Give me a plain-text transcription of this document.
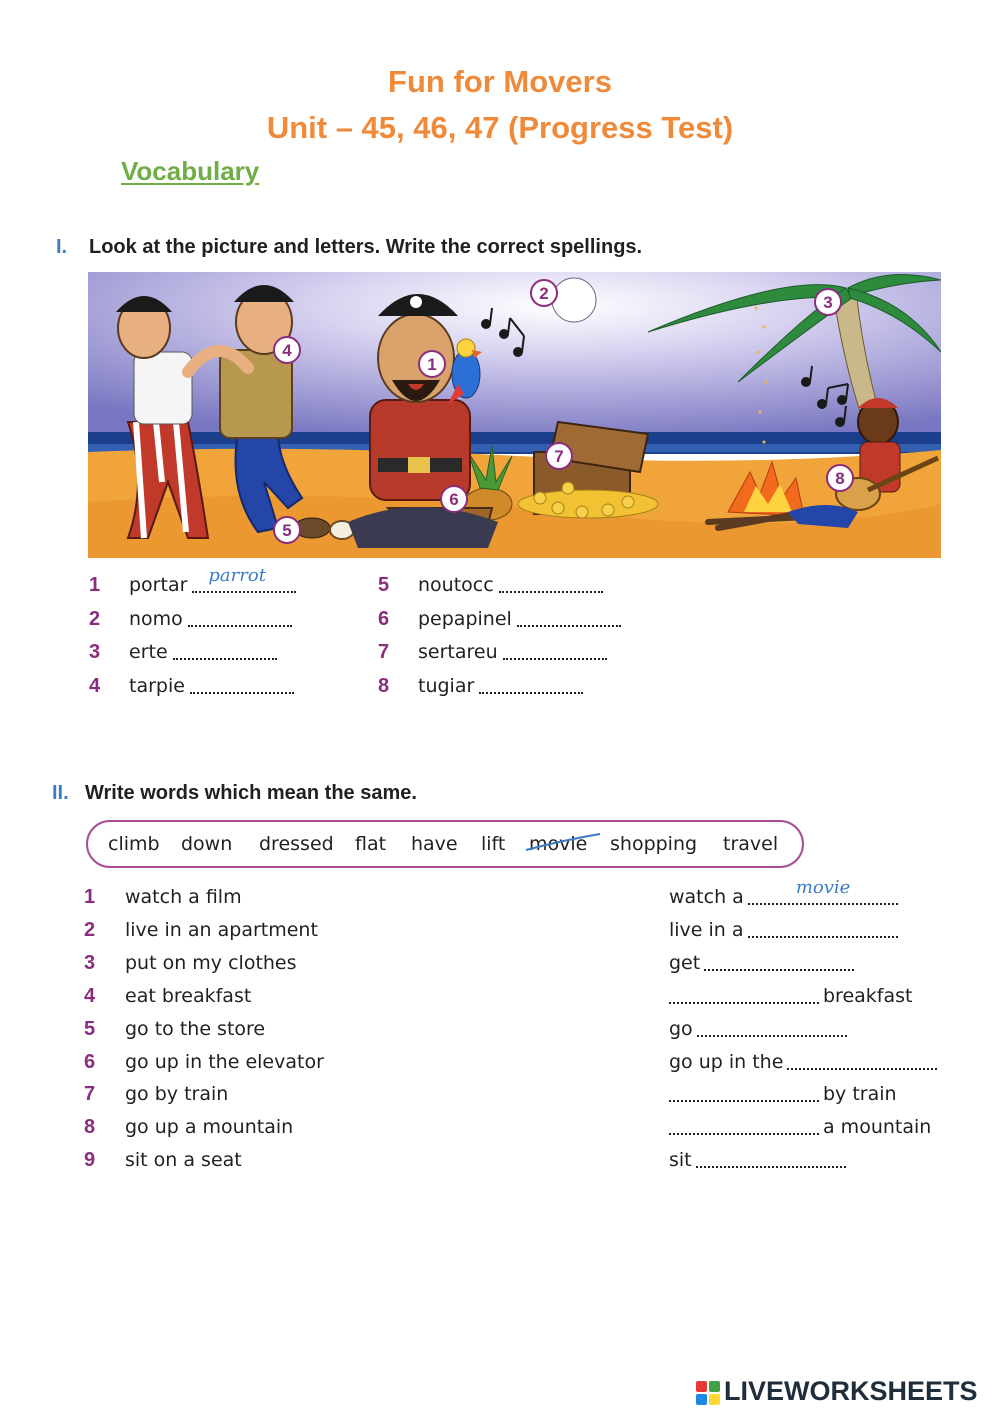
Fun for Movers
Unit – 45, 46, 47 (Progress Test)
Vocabulary
I. Look at the picture and letters. Write the correct spellings.
1
2	3
4
5
6
7
8
1	portar parrot
2	nomo
3	erte
4	tarpie
5	noutocc
6	pepapinel
7	sertareu
8	tugiar
II. Write words which mean the same.
climb down dressed flat have lift movie shopping travel
1 watch a film	watch a	movie
2 live in an apartment	live in a
3 put on my clothes	get
4 eat breakfast	breakfast
5 go to the store	go
6 go up in the elevator	go up in the
7 go by train	by train
8 go up a mountain	a mountain
9 sit on a seat	sit
LIVEWORKSHEETS
